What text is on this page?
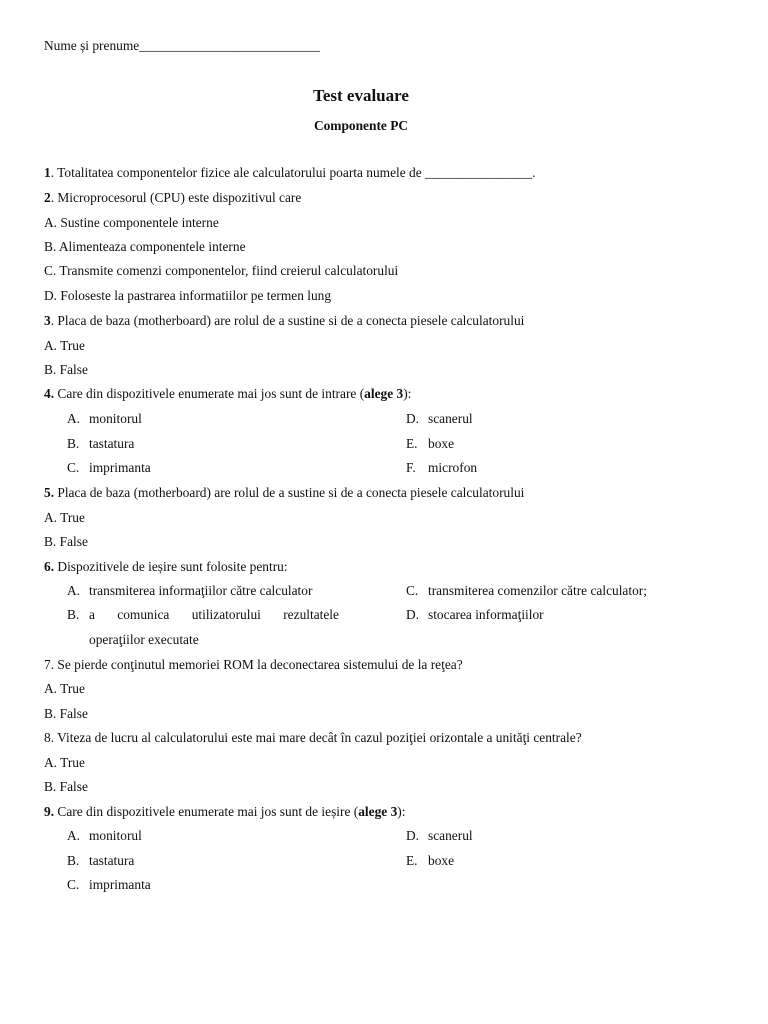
Nume și prenume___________________________
Test evaluare
Componente PC
1. Totalitatea componentelor fizice ale calculatorului poarta numele de ________________.
2. Microprocesorul (CPU) este dispozitivul care
A. Sustine componentele interne
B. Alimenteaza componentele interne
C. Transmite comenzi componentelor, fiind creierul calculatorului
D. Foloseste la pastrarea informatiilor pe termen lung
3. Placa de baza (motherboard) are rolul de a sustine si de a conecta piesele calculatorului
A. True
B. False
4. Care din dispozitivele enumerate mai jos sunt de intrare (alege 3):
A. monitorul	D. scanerul
B. tastatura	E. boxe
C. imprimanta	F. microfon
5. Placa de baza (motherboard) are rolul de a sustine si de a conecta piesele calculatorului
A. True
B. False
6. Dispozitivele de ieșire sunt folosite pentru:
A. transmiterea informaţiilor către calculator	C. transmiterea comenzilor către calculator;
B. a comunica utilizatorului rezultatele	D. stocarea informaţiilor
operaţiilor executate
7. Se pierde conţinutul memoriei ROM la deconectarea sistemului de la reţea?
A. True
B. False
8. Viteza de lucru al calculatorului este mai mare decât în cazul poziţiei orizontale a unităţi centrale?
A. True
B. False
9. Care din dispozitivele enumerate mai jos sunt de ieșire (alege 3):
A. monitorul	D. scanerul
B. tastatura	E. boxe
C. imprimanta
